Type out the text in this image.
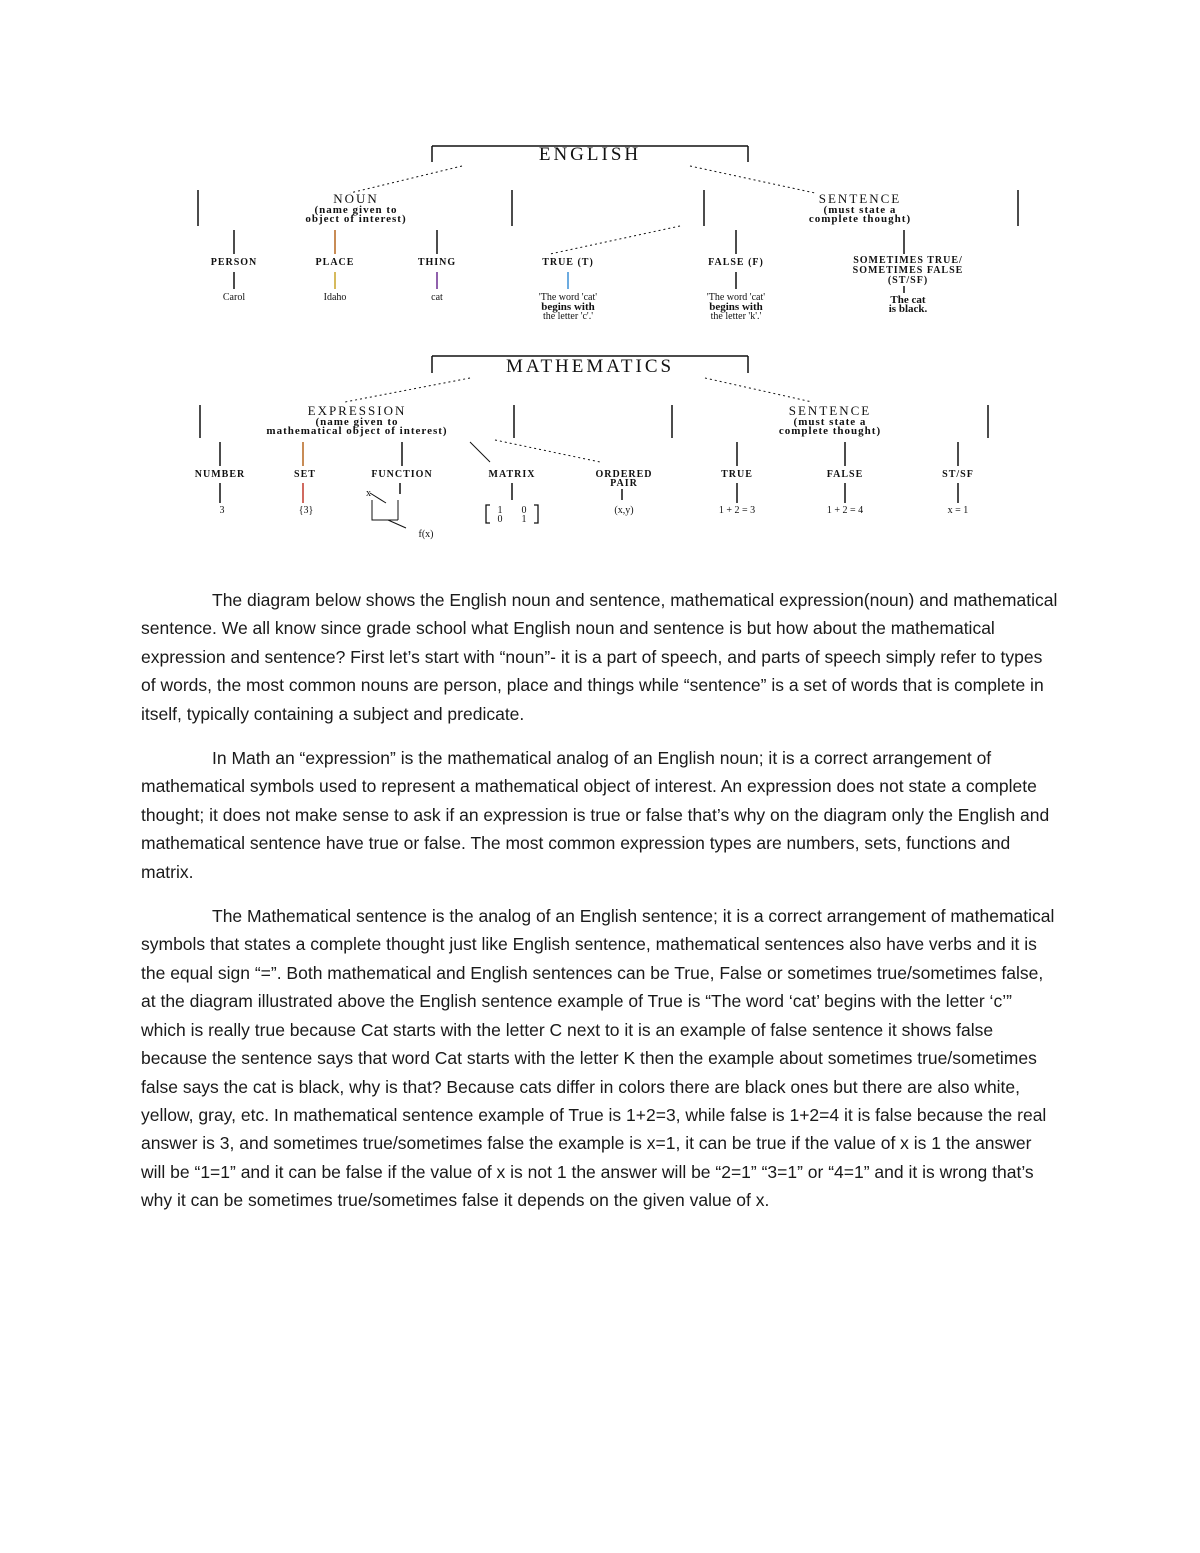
ENGLISH
NOUN
(name given to
object of interest)
SENTENCE
(must state a
complete thought)
PERSON
Carol
PLACE
Idaho
THING
cat
TRUE (T)
'The word 'cat'
begins with
the letter 'c'.'
FALSE (F)
'The word 'cat'
begins with
the letter 'k'.'
SOMETIMES TRUE/
SOMETIMES FALSE
(ST/SF)
The cat
is black.
MATHEMATICS
EXPRESSION
(name given to
mathematical object of interest)
SENTENCE
(must state a
complete thought)
NUMBER
3
SET
{3}
FUNCTION
x
f(x)
MATRIX
1 0
0 1
ORDERED
PAIR
(x,y)
TRUE
1 + 2 = 3
FALSE
1 + 2 = 4
ST/SF
x = 1

The diagram below shows the English noun and sentence, mathematical expression(noun) and mathematical sentence. We all know since grade school what English noun and sentence is but how about the mathematical expression and sentence? First let’s start with “noun”- it is a part of speech, and parts of speech simply refer to types of words, the most common nouns are person, place and things while “sentence” is a set of words that is complete in itself, typically containing a subject and predicate.

In Math an “expression” is the mathematical analog of an English noun; it is a correct arrangement of mathematical symbols used to represent a mathematical object of interest. An expression does not state a complete thought; it does not make sense to ask if an expression is true or false that’s why on the diagram only the English and mathematical sentence have true or false. The most common expression types are numbers, sets, functions and matrix.

The Mathematical sentence is the analog of an English sentence; it is a correct arrangement of mathematical symbols that states a complete thought just like English sentence, mathematical sentences also have verbs and it is the equal sign “=”. Both mathematical and English sentences can be True, False or sometimes true/sometimes false, at the diagram illustrated above the English sentence example of True is “The word ‘cat’ begins with the letter ‘c’” which is really true because Cat starts with the letter C next to it is an example of false sentence it shows false because the sentence says that word Cat starts with the letter K then the example about sometimes true/sometimes false says the cat is black, why is that? Because cats differ in colors there are black ones but there are also white, yellow, gray, etc. In mathematical sentence example of True is 1+2=3, while false is 1+2=4 it is false because the real answer is 3, and sometimes true/sometimes false the example is x=1, it can be true if the value of x is 1 the answer will be “1=1” and it can be false if the value of x is not 1 the answer will be “2=1” “3=1” or “4=1” and it is wrong that’s why it can be sometimes true/sometimes false it depends on the given value of x.
